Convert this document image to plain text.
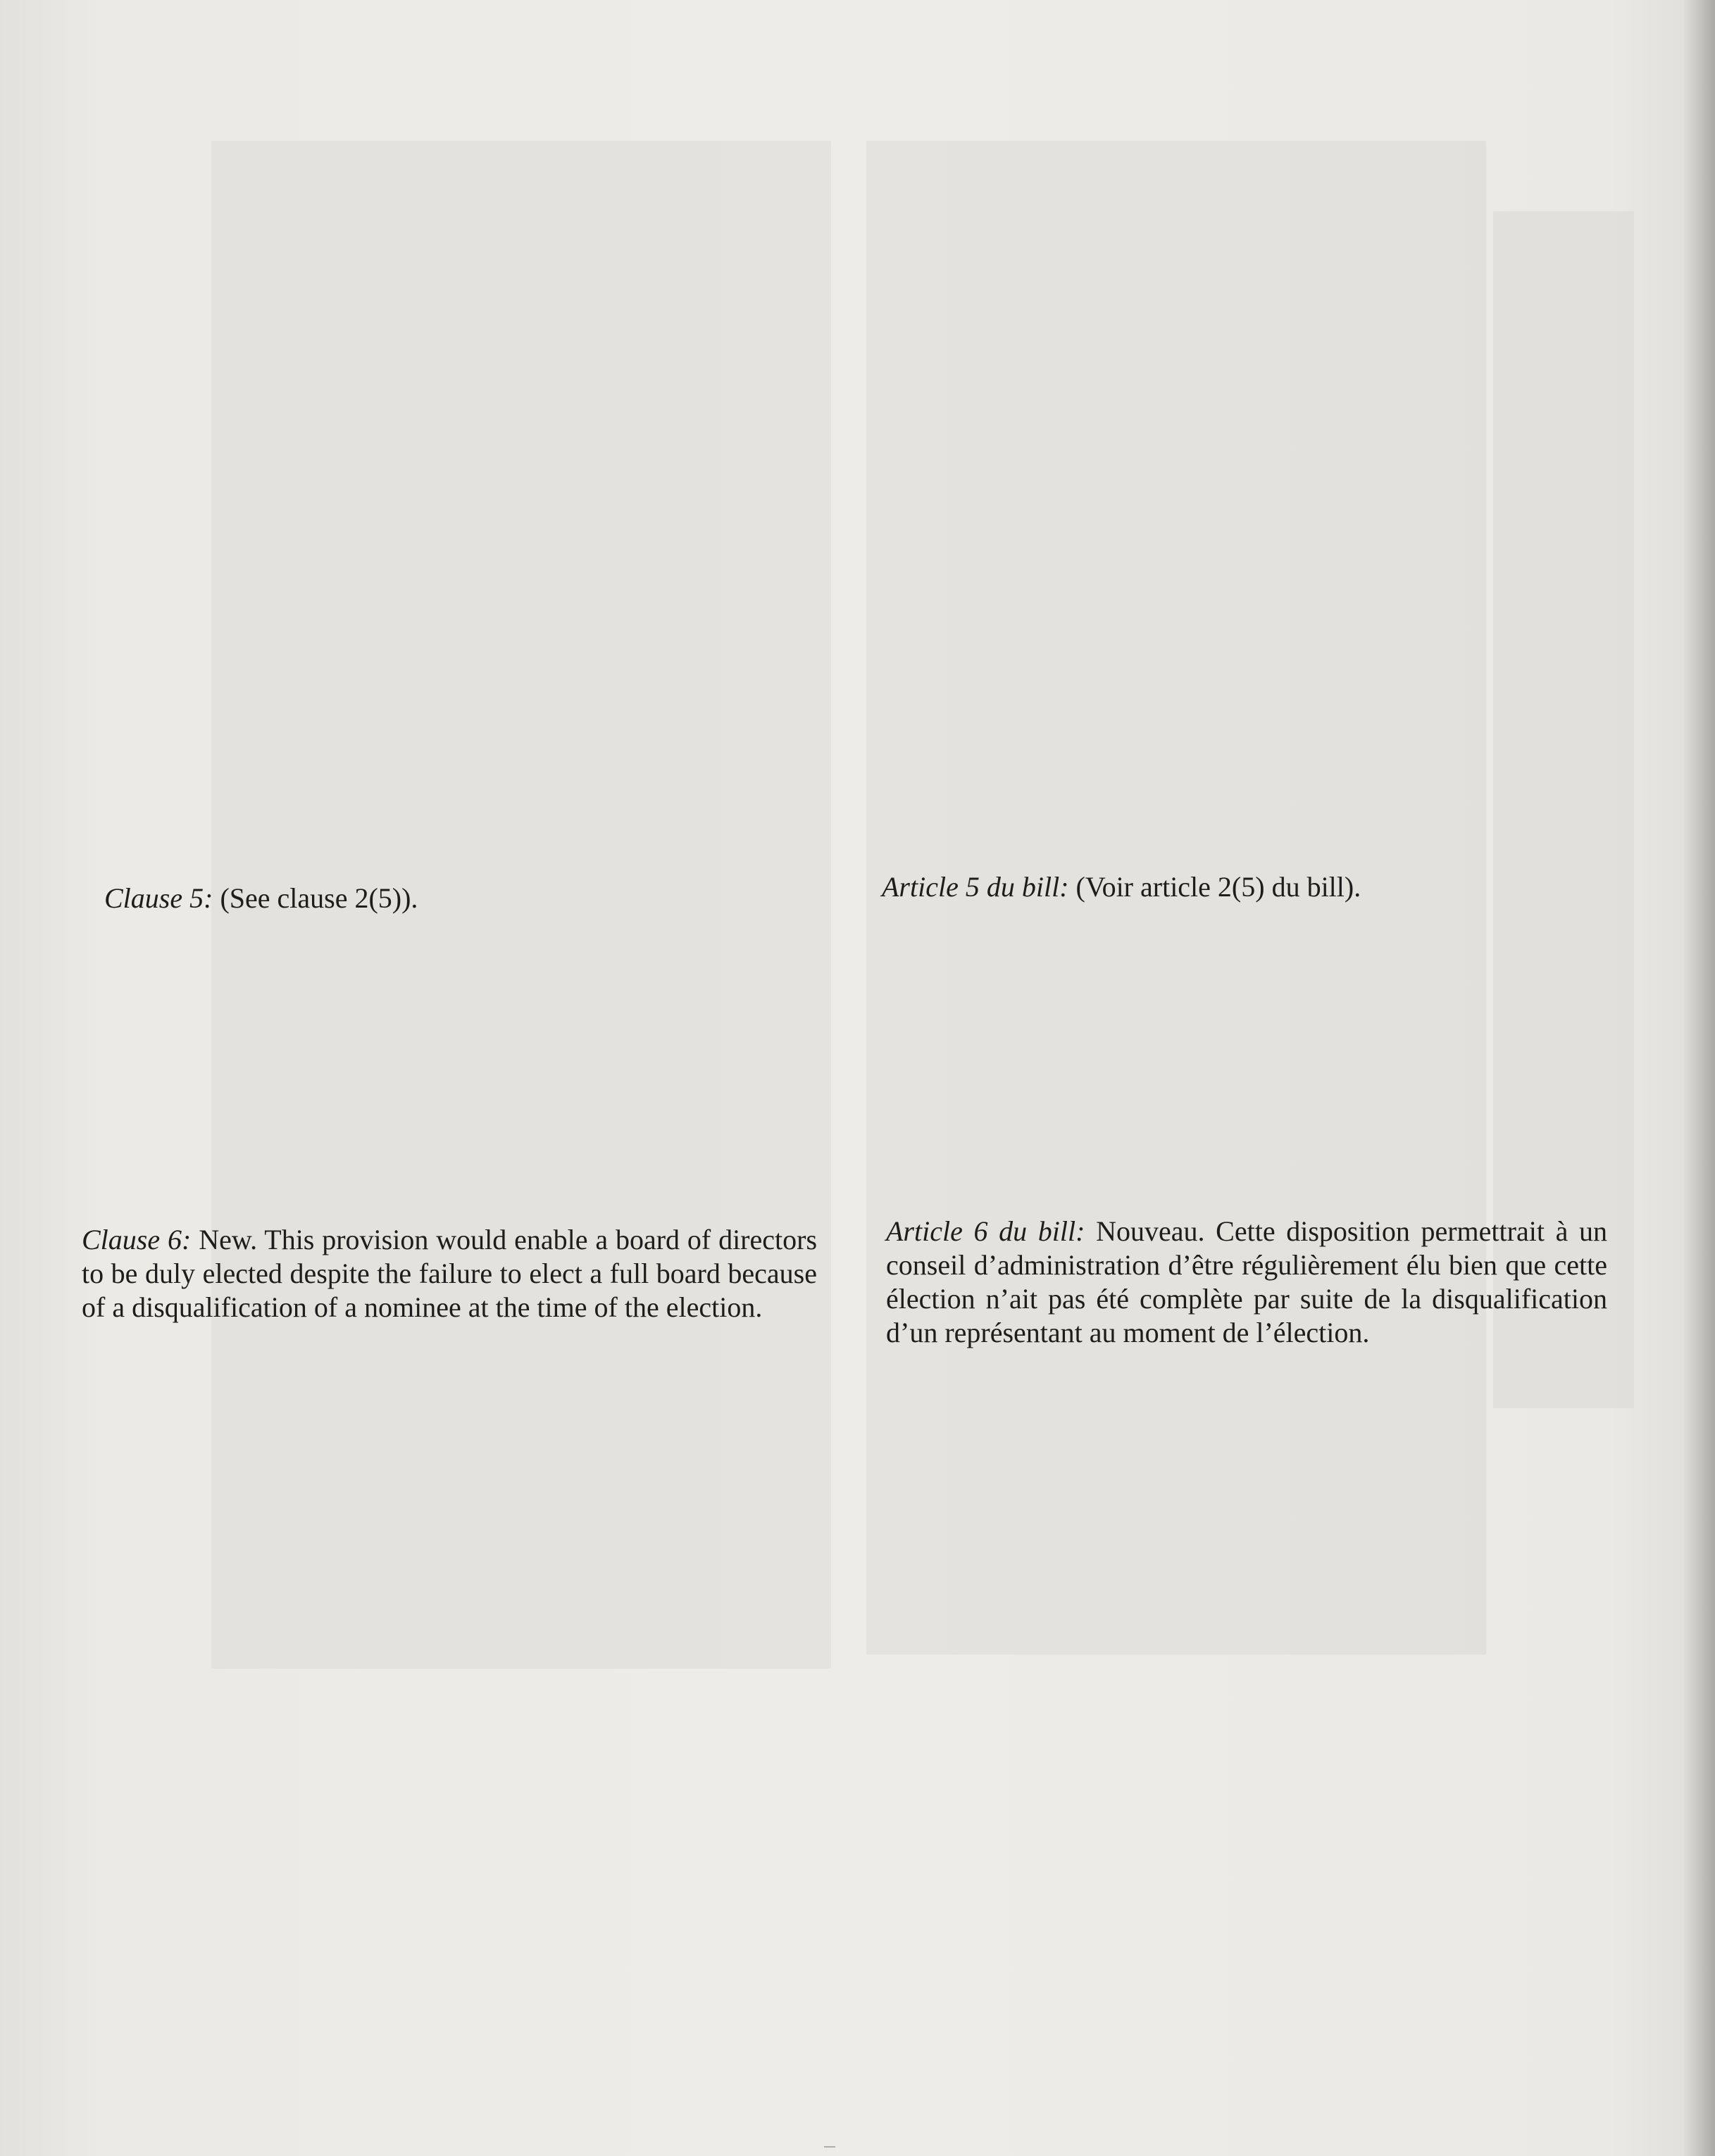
Clause 5: (See clause 2(5)).	Article 5 du bill: (Voir article 2(5) du bill).

Clause 6: New. This provision would enable a board of directors to be duly elected despite the failure to elect a full board because of a disqualification of a nominee at the time of the election.

Article 6 du bill: Nouveau. Cette disposition permettrait à un conseil d’administration d’être régulièrement élu bien que cette élection n’ait pas été complète par suite de la disqualification d’un représentant au moment de l’élection.
